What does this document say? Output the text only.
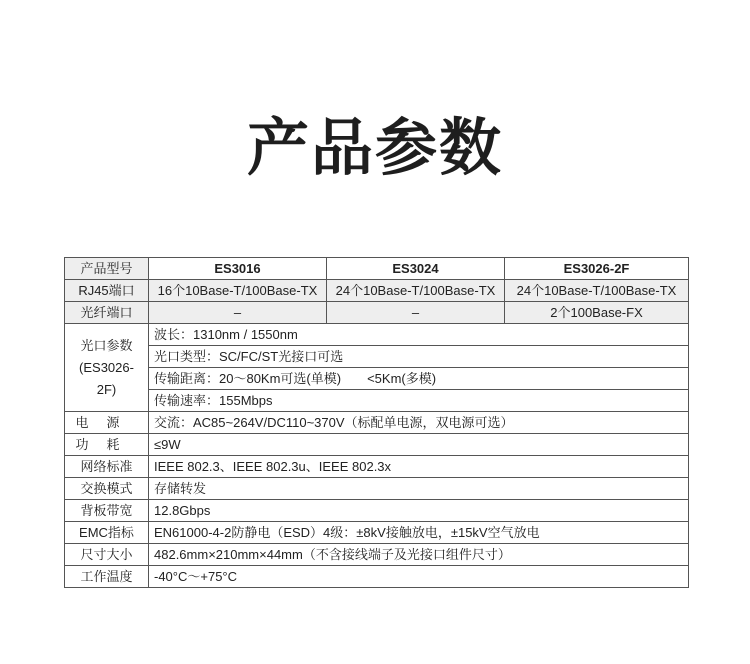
产品参数
产品型号	ES3016	ES3024	ES3026-2F
RJ45端口	16个10Base-T/100Base-TX	24个10Base-T/100Base-TX	24个10Base-T/100Base-TX
光纤端口	–	–	2个100Base-FX

光口参数
(ES3026-2F)	波长：1310nm / 1550nm		
	光口类型：SC/FC/ST光接口可选		
	传输距离：20～80Km可选(单模)　　<5Km(多模)		
	传输速率：155Mbps		
电源	交流：AC85~264V/DC110~370V（标配单电源，双电源可选）		
功耗	≤9W		
网络标准	IEEE 802.3、IEEE 802.3u、IEEE 802.3x		
交换模式	存储转发		
背板带宽	12.8Gbps		
EMC指标	EN61000-4-2防静电（ESD）4级：±8kV接触放电，±15kV空气放电		
尺寸大小	482.6mm×210mm×44mm（不含接线端子及光接口组件尺寸）		
工作温度	-40°C～+75°C		
